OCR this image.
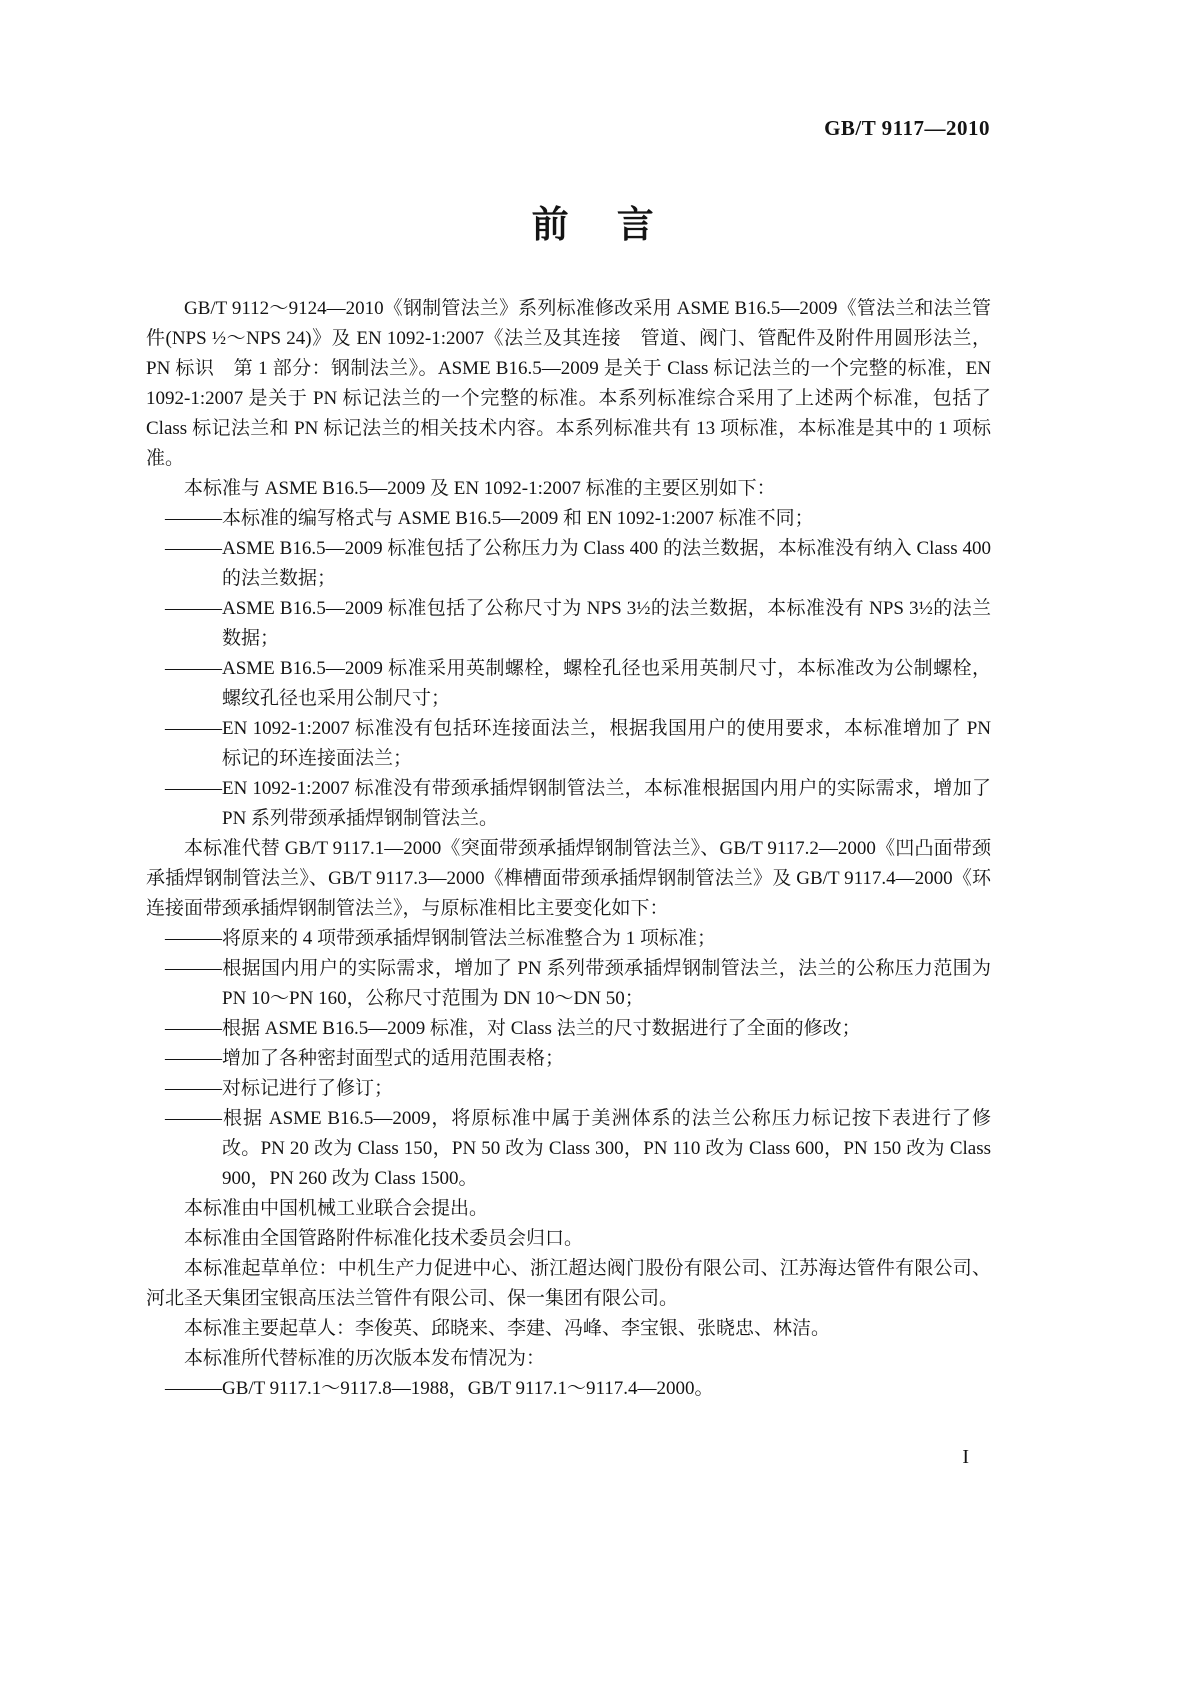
GB/T 9117—2010
前　言

GB/T 9112～9124—2010《钢制管法兰》系列标准修改采用 ASME B16.5—2009《管法兰和法兰管件(NPS ½～NPS 24)》及 EN 1092-1:2007《法兰及其连接　管道、阀门、管配件及附件用圆形法兰，PN 标识　第 1 部分：钢制法兰》。ASME B16.5—2009 是关于 Class 标记法兰的一个完整的标准，EN 1092-1:2007 是关于 PN 标记法兰的一个完整的标准。本系列标准综合采用了上述两个标准，包括了 Class 标记法兰和 PN 标记法兰的相关技术内容。本系列标准共有 13 项标准，本标准是其中的 1 项标准。

本标准与 ASME B16.5—2009 及 EN 1092-1:2007 标准的主要区别如下：

———本标准的编写格式与 ASME B16.5—2009 和 EN 1092-1:2007 标准不同；

———ASME B16.5—2009 标准包括了公称压力为 Class 400 的法兰数据，本标准没有纳入 Class 400 的法兰数据；

———ASME B16.5—2009 标准包括了公称尺寸为 NPS 3½的法兰数据，本标准没有 NPS 3½的法兰数据；

———ASME B16.5—2009 标准采用英制螺栓，螺栓孔径也采用英制尺寸，本标准改为公制螺栓，螺纹孔径也采用公制尺寸；

———EN 1092-1:2007 标准没有包括环连接面法兰，根据我国用户的使用要求，本标准增加了 PN 标记的环连接面法兰；

———EN 1092-1:2007 标准没有带颈承插焊钢制管法兰，本标准根据国内用户的实际需求，增加了 PN 系列带颈承插焊钢制管法兰。

本标准代替 GB/T 9117.1—2000《突面带颈承插焊钢制管法兰》、GB/T 9117.2—2000《凹凸面带颈承插焊钢制管法兰》、GB/T 9117.3—2000《榫槽面带颈承插焊钢制管法兰》及 GB/T 9117.4—2000《环连接面带颈承插焊钢制管法兰》，与原标准相比主要变化如下：

———将原来的 4 项带颈承插焊钢制管法兰标准整合为 1 项标准；

———根据国内用户的实际需求，增加了 PN 系列带颈承插焊钢制管法兰，法兰的公称压力范围为 PN 10～PN 160，公称尺寸范围为 DN 10～DN 50；

———根据 ASME B16.5—2009 标准，对 Class 法兰的尺寸数据进行了全面的修改；

———增加了各种密封面型式的适用范围表格；

———对标记进行了修订；

———根据 ASME B16.5—2009，将原标准中属于美洲体系的法兰公称压力标记按下表进行了修改。PN 20 改为 Class 150，PN 50 改为 Class 300，PN 110 改为 Class 600，PN 150 改为 Class 900，PN 260 改为 Class 1500。

本标准由中国机械工业联合会提出。

本标准由全国管路附件标准化技术委员会归口。

本标准起草单位：中机生产力促进中心、浙江超达阀门股份有限公司、江苏海达管件有限公司、河北圣天集团宝银高压法兰管件有限公司、保一集团有限公司。

本标准主要起草人：李俊英、邱晓来、李建、冯峰、李宝银、张晓忠、林洁。

本标准所代替标准的历次版本发布情况为：

———GB/T 9117.1～9117.8—1988，GB/T 9117.1～9117.4—2000。

I
